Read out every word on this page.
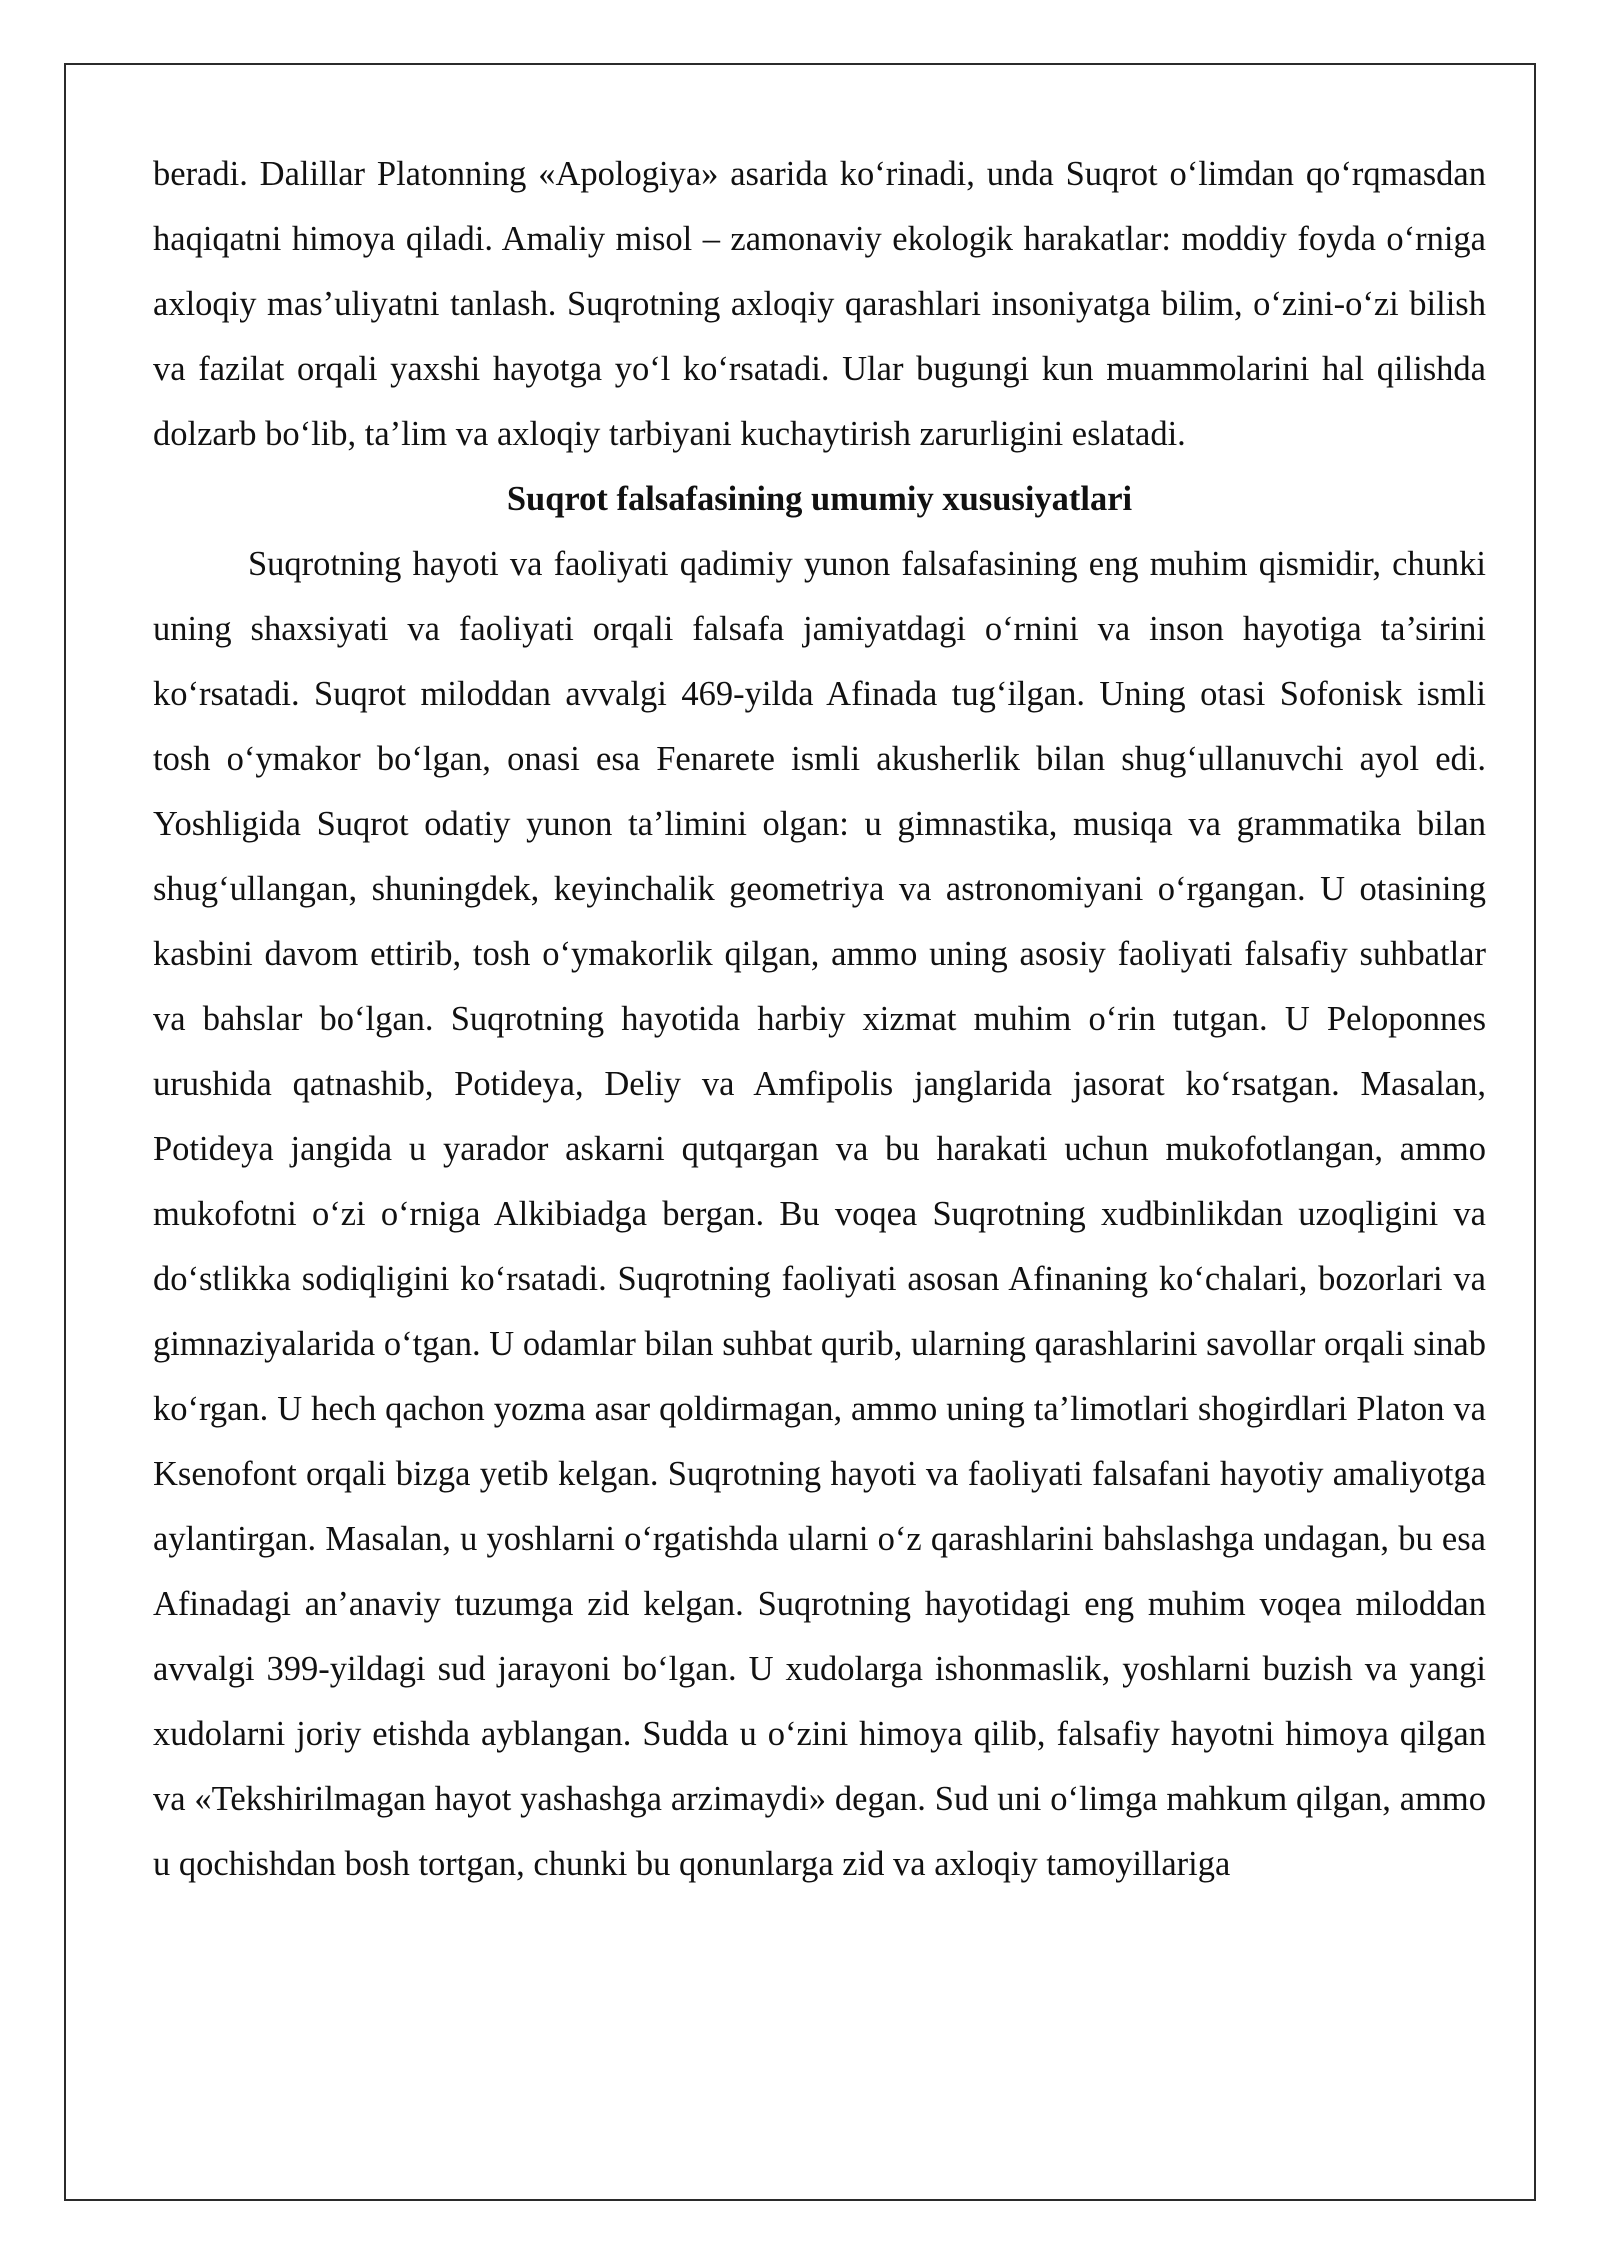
beradi. Dalillar Platonning «Apologiya» asarida ko‘rinadi, unda Suqrot o‘limdan qo‘rqmasdan haqiqatni himoya qiladi. Amaliy misol – zamonaviy ekologik harakatlar: moddiy foyda o‘rniga axloqiy mas’uliyatni tanlash. Suqrotning axloqiy qarashlari insoniyatga bilim, o‘zini-o‘zi bilish va fazilat orqali yaxshi hayotga yo‘l ko‘rsatadi. Ular bugungi kun muammolarini hal qilishda dolzarb bo‘lib, ta’lim va axloqiy tarbiyani kuchaytirish zarurligini eslatadi.

Suqrot falsafasining umumiy xususiyatlari

Suqrotning hayoti va faoliyati qadimiy yunon falsafasining eng muhim qismidir, chunki uning shaxsiyati va faoliyati orqali falsafa jamiyatdagi o‘rnini va inson hayotiga ta’sirini ko‘rsatadi. Suqrot miloddan avvalgi 469-yilda Afinada tug‘ilgan. Uning otasi Sofonisk ismli tosh o‘ymakor bo‘lgan, onasi esa Fenarete ismli akusherlik bilan shug‘ullanuvchi ayol edi. Yoshligida Suqrot odatiy yunon ta’limini olgan: u gimnastika, musiqa va grammatika bilan shug‘ullangan, shuningdek, keyinchalik geometriya va astronomiyani o‘rgangan. U otasining kasbini davom ettirib, tosh o‘ymakorlik qilgan, ammo uning asosiy faoliyati falsafiy suhbatlar va bahslar bo‘lgan. Suqrotning hayotida harbiy xizmat muhim o‘rin tutgan. U Peloponnes urushida qatnashib, Potideya, Deliy va Amfipolis janglarida jasorat ko‘rsatgan. Masalan, Potideya jangida u yarador askarni qutqargan va bu harakati uchun mukofotlangan, ammo mukofotni o‘zi o‘rniga Alkibiadga bergan. Bu voqea Suqrotning xudbinlikdan uzoqligini va do‘stlikka sodiqligini ko‘rsatadi. Suqrotning faoliyati asosan Afinaning ko‘chalari, bozorlari va gimnaziyalarida o‘tgan. U odamlar bilan suhbat qurib, ularning qarashlarini savollar orqali sinab ko‘rgan. U hech qachon yozma asar qoldirmagan, ammo uning ta’limotlari shogirdlari Platon va Ksenofont orqali bizga yetib kelgan. Suqrotning hayoti va faoliyati falsafani hayotiy amaliyotga aylantirgan. Masalan, u yoshlarni o‘rgatishda ularni o‘z qarashlarini bahslashga undagan, bu esa Afinadagi an’anaviy tuzumga zid kelgan. Suqrotning hayotidagi eng muhim voqea miloddan avvalgi 399-yildagi sud jarayoni bo‘lgan. U xudolarga ishonmaslik, yoshlarni buzish va yangi xudolarni joriy etishda ayblangan. Sudda u o‘zini himoya qilib, falsafiy hayotni himoya qilgan va «Tekshirilmagan hayot yashashga arzimaydi» degan. Sud uni o‘limga mahkum qilgan, ammo u qochishdan bosh tortgan, chunki bu qonunlarga zid va axloqiy tamoyillariga
